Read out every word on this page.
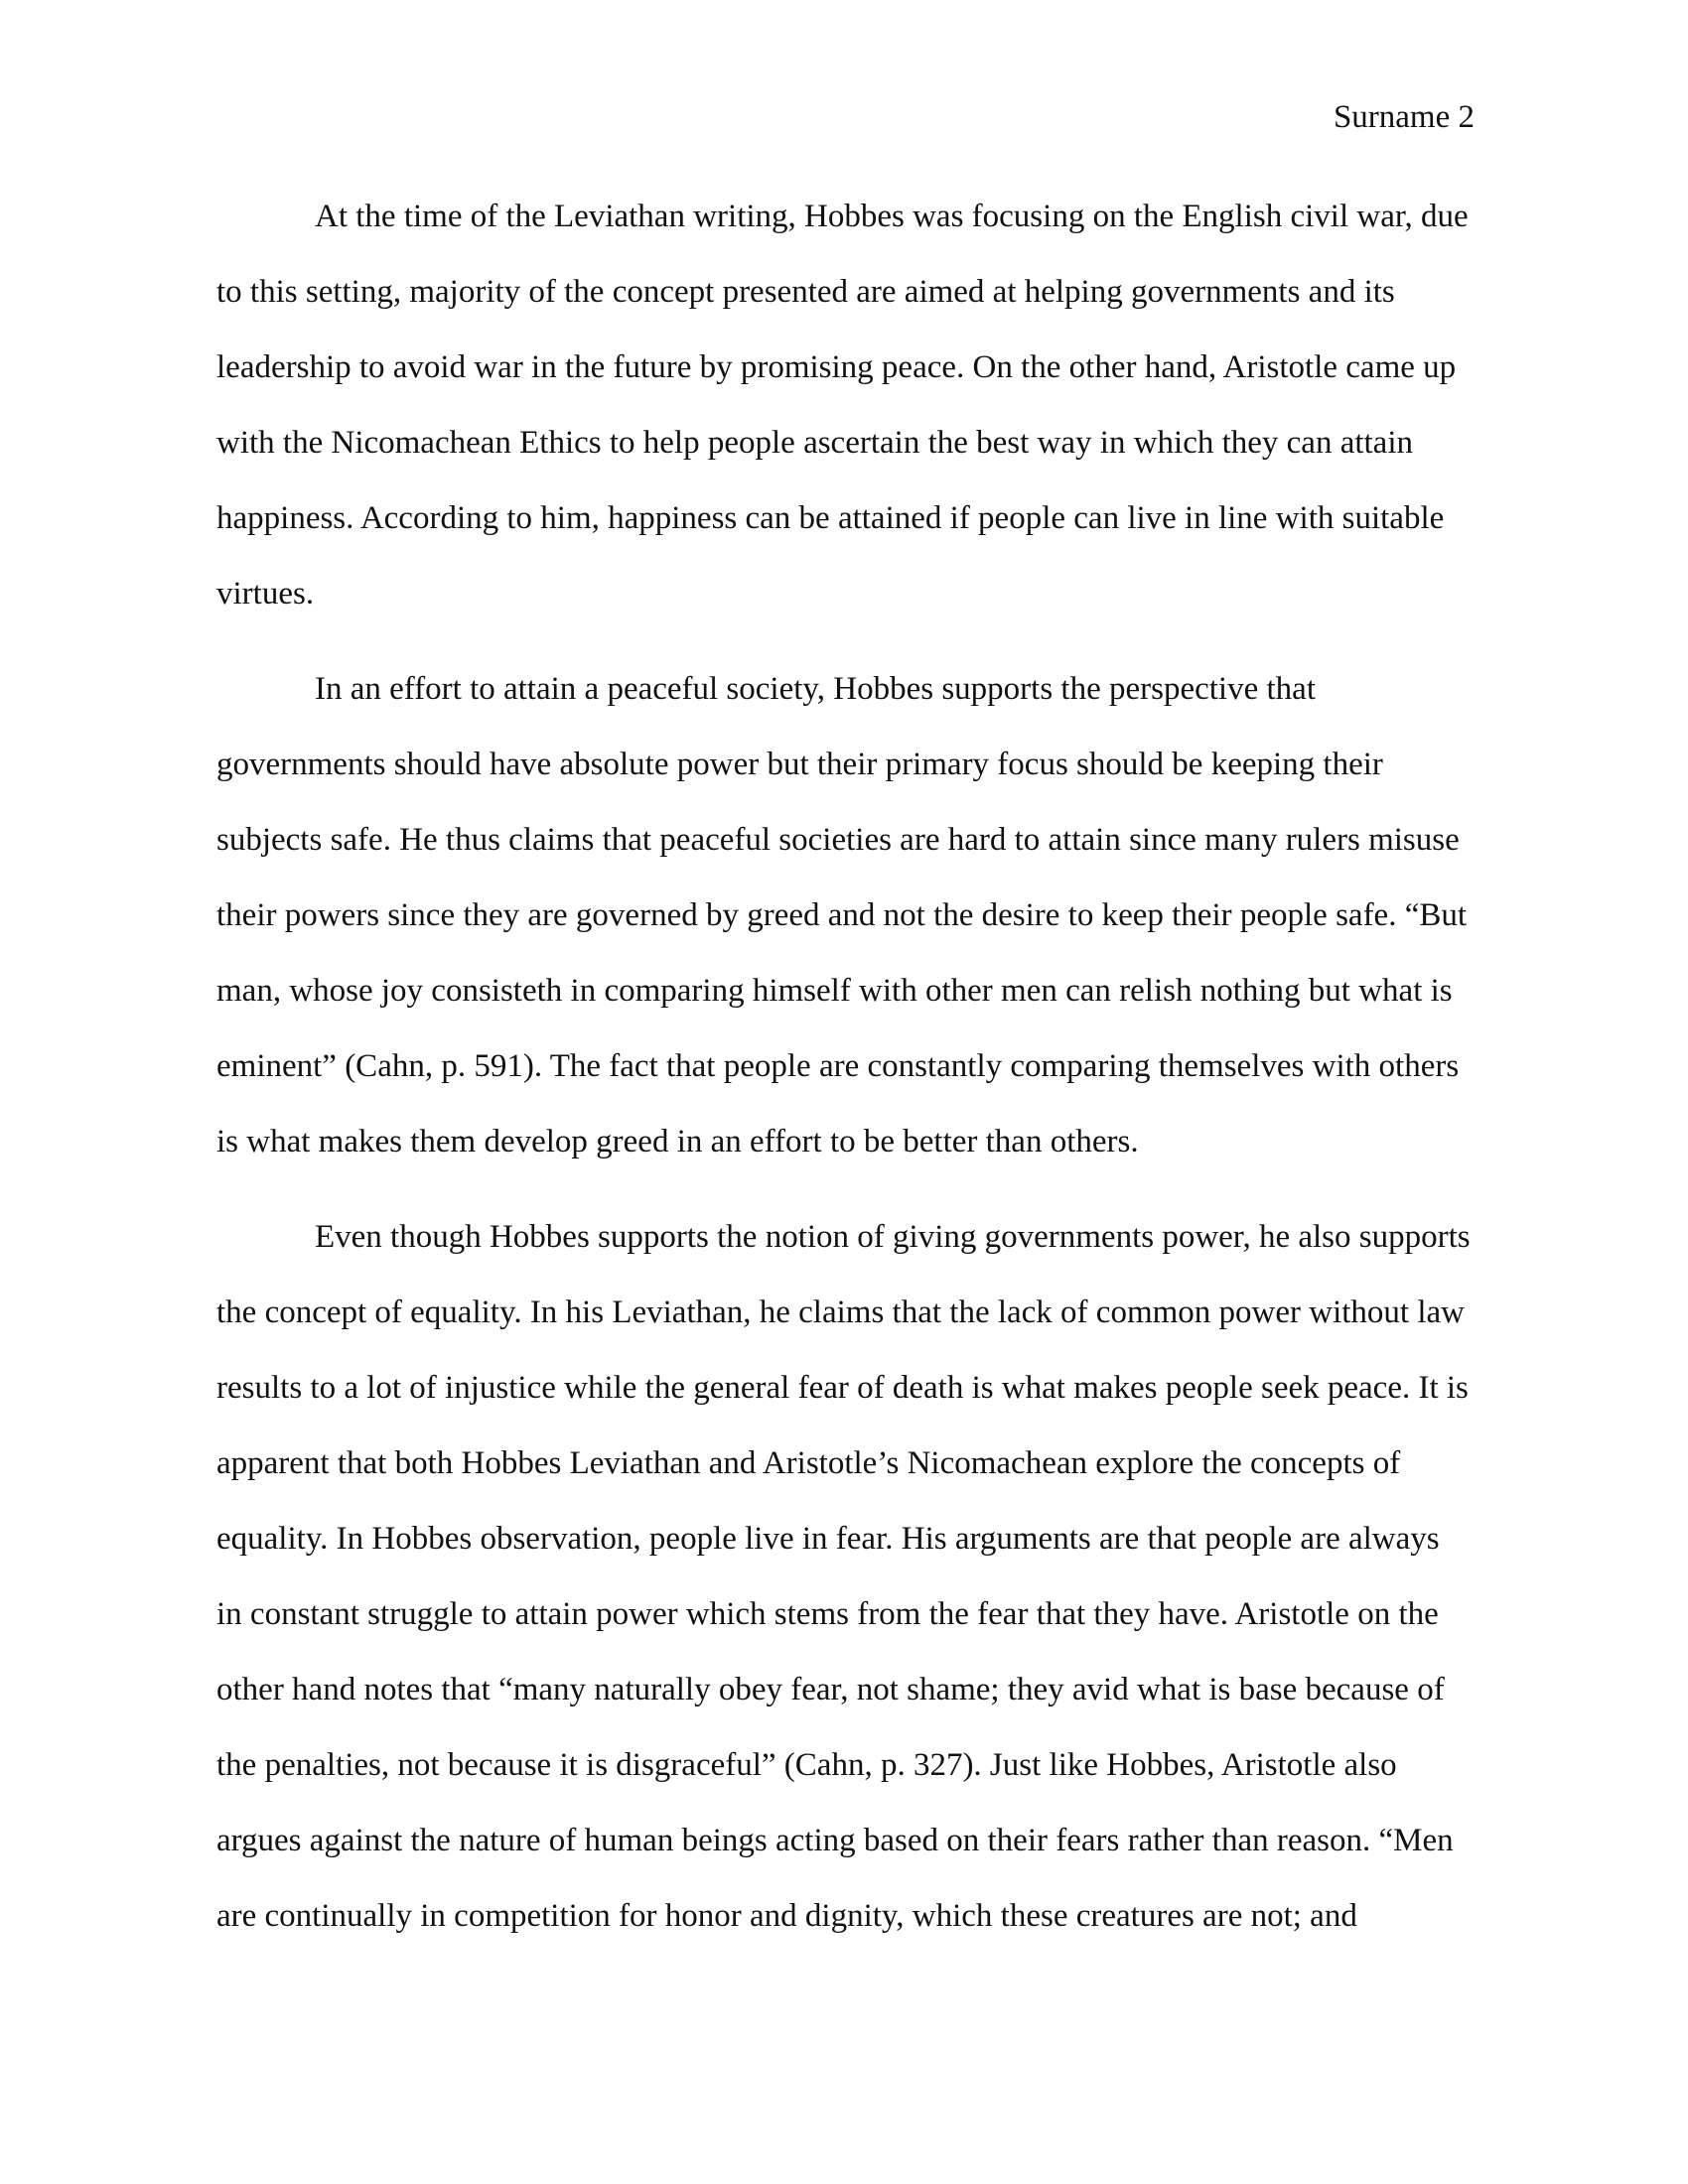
Surname 2
At the time of the Leviathan writing, Hobbes was focusing on the English civil war, due
to this setting, majority of the concept presented are aimed at helping governments and its
leadership to avoid war in the future by promising peace. On the other hand, Aristotle came up
with the Nicomachean Ethics to help people ascertain the best way in which they can attain
happiness. According to him, happiness can be attained if people can live in line with suitable
virtues.
In an effort to attain a peaceful society, Hobbes supports the perspective that
governments should have absolute power but their primary focus should be keeping their
subjects safe. He thus claims that peaceful societies are hard to attain since many rulers misuse
their powers since they are governed by greed and not the desire to keep their people safe. “But
man, whose joy consisteth in comparing himself with other men can relish nothing but what is
eminent” (Cahn, p. 591). The fact that people are constantly comparing themselves with others
is what makes them develop greed in an effort to be better than others.
Even though Hobbes supports the notion of giving governments power, he also supports
the concept of equality. In his Leviathan, he claims that the lack of common power without law
results to a lot of injustice while the general fear of death is what makes people seek peace. It is
apparent that both Hobbes Leviathan and Aristotle’s Nicomachean explore the concepts of
equality. In Hobbes observation, people live in fear. His arguments are that people are always
in constant struggle to attain power which stems from the fear that they have. Aristotle on the
other hand notes that “many naturally obey fear, not shame; they avid what is base because of
the penalties, not because it is disgraceful” (Cahn, p. 327). Just like Hobbes, Aristotle also
argues against the nature of human beings acting based on their fears rather than reason. “Men
are continually in competition for honor and dignity, which these creatures are not; and
